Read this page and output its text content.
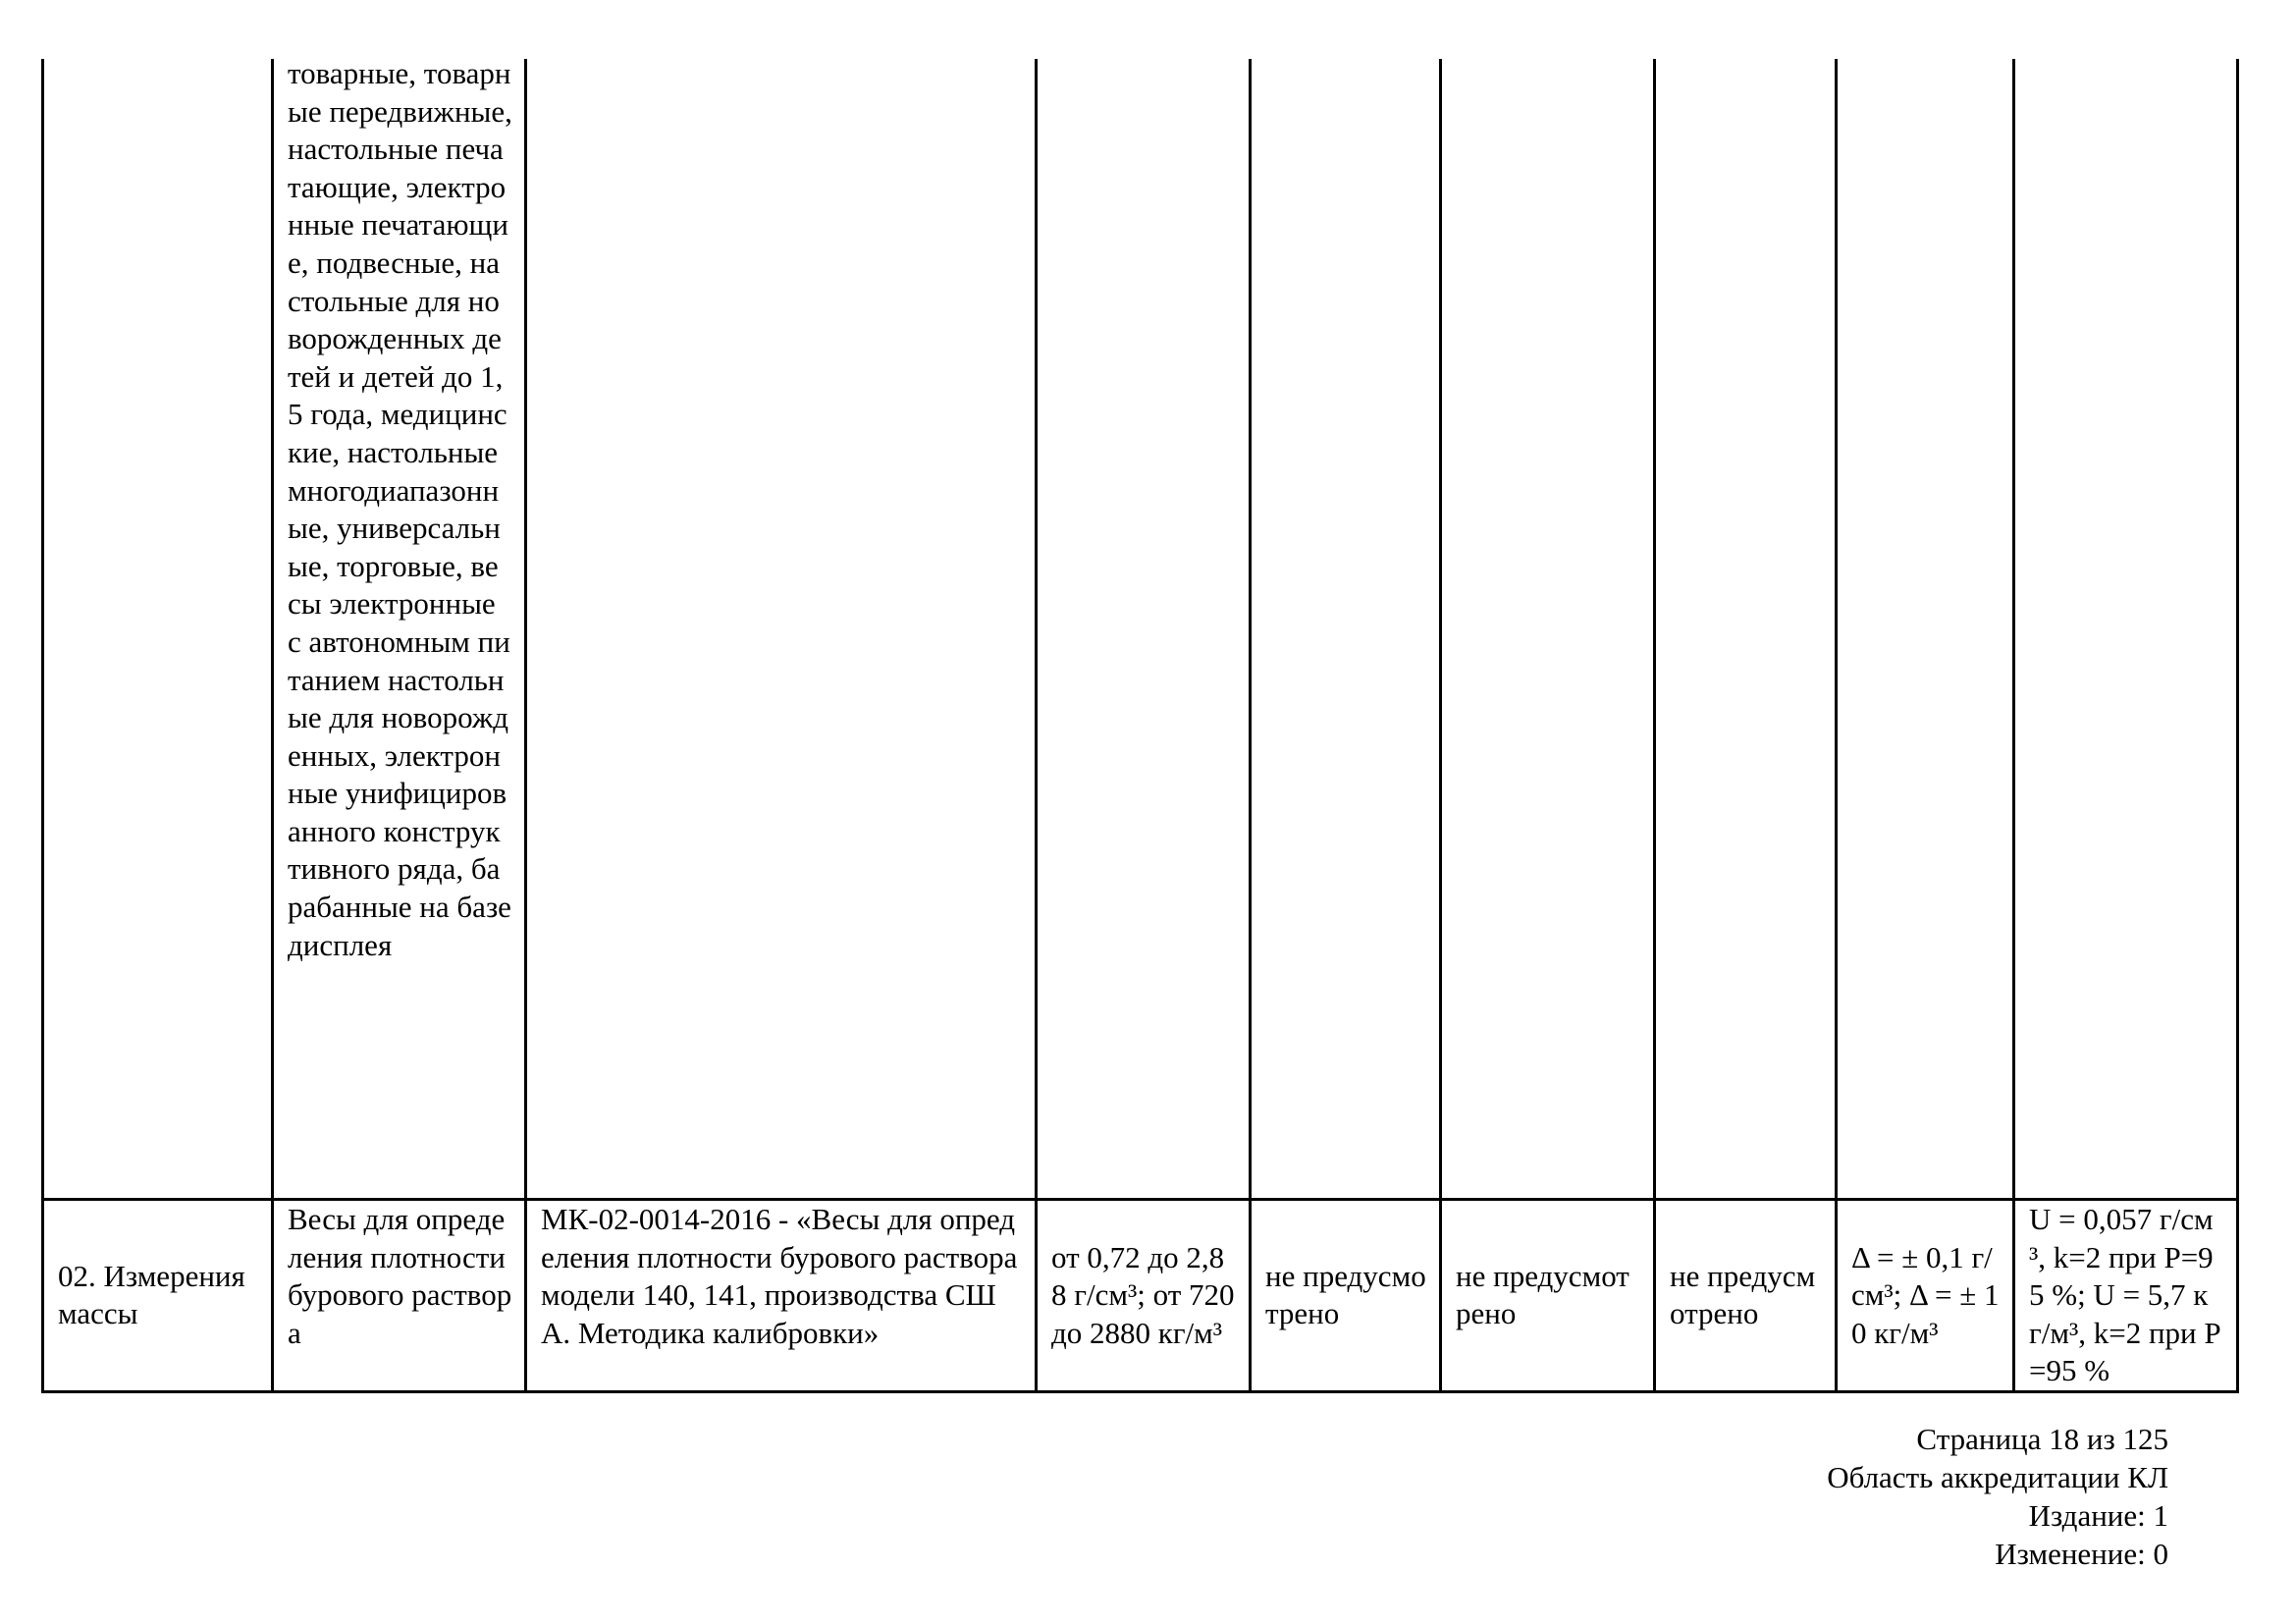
	товарные, товарные передвижные, настольные печатающие, электронные печатающие, подвесные, настольные для новорожденных детей и детей до 1,5 года, медицинские, настольные многодиапазонные, универсальные, торговые, весы электронные с автономным питанием настольные для новорожденных, электронные унифицированного конструктивного ряда, барабанные на базе дисплея							

02. Измерения массы	Весы для определения плотности бурового раствора	МК-02-0014-2016 - «Весы для определения плотности бурового раствора модели 140, 141, производства США. Методика калибровки»	от 0,72 до 2,88 г/см³; от 720 до 2880 кг/м³	не предусмотрено	не предусмотрено	не предусмотрено	Δ = ± 0,1 г/см³; Δ = ± 10 кг/м³	U = 0,057 г/см³, k=2 при P=95 %; U = 5,7 кг/м³, k=2 при P=95 %
Страница 18 из 125
Область аккредитации КЛ
Издание: 1
Изменение: 0
